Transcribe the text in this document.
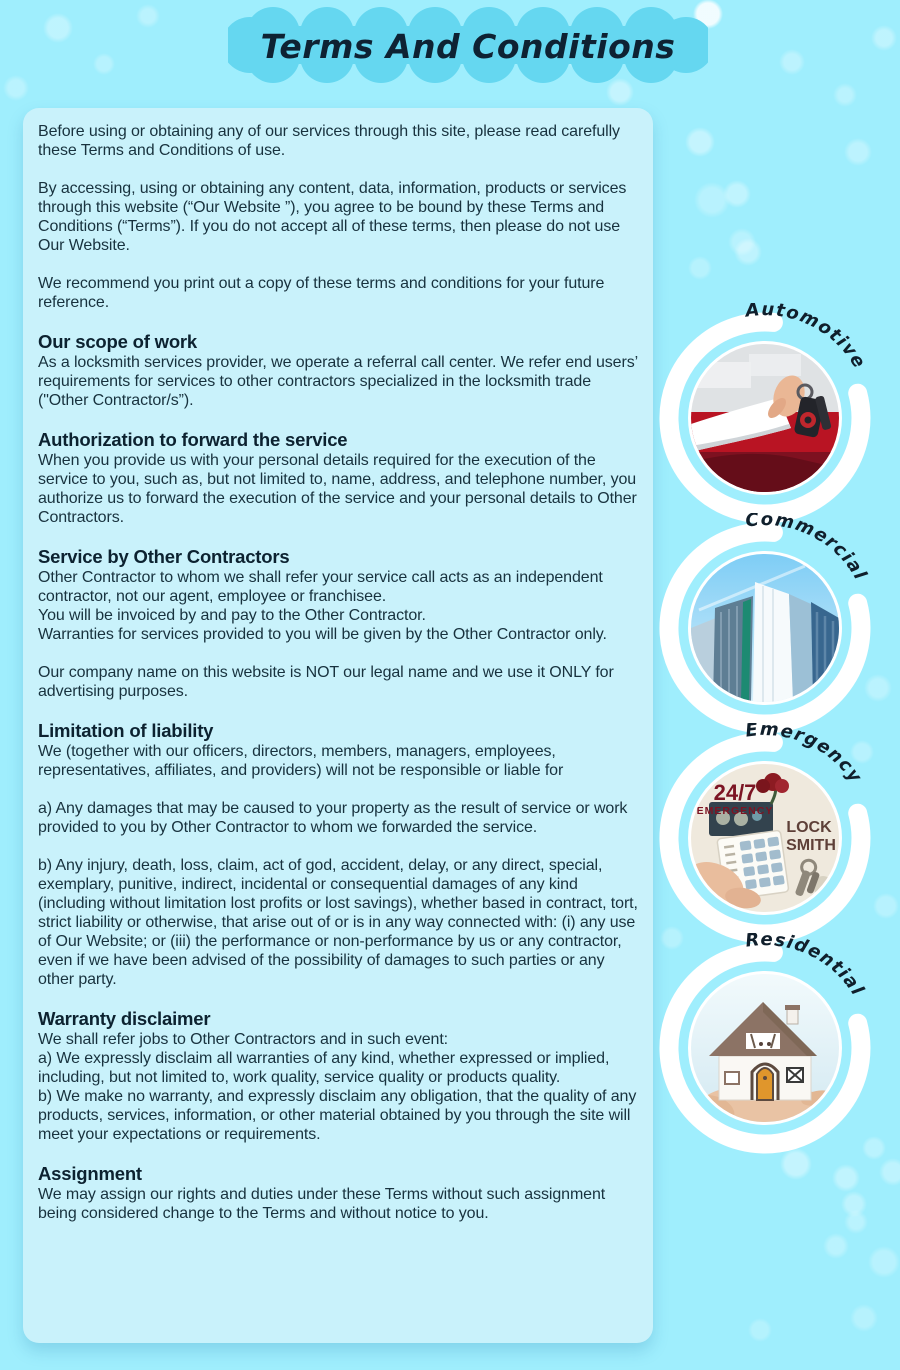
Terms And Conditions

Before using or obtaining any of our services through this site, please read carefully these Terms and Conditions of use.

By accessing, using or obtaining any content, data, information, products or services through this website (“Our Website ”), you agree to be bound by these Terms and Conditions (“Terms”). If you do not accept all of these terms, then please do not use Our Website.

We recommend you print out a copy of these terms and conditions for your future reference.

Our scope of work

As a locksmith services provider, we operate a referral call center. We refer end users’ requirements for services to other contractors specialized in the locksmith trade ("Other Contractor/s”).

Authorization to forward the service

When you provide us with your personal details required for the execution of the service to you, such as, but not limited to, name, address, and telephone number, you authorize us to forward the execution of the service and your personal details to Other Contractors.

Service by Other Contractors

Other Contractor to whom we shall refer your service call acts as an independent contractor, not our agent, employee or franchisee.

You will be invoiced by and pay to the Other Contractor.

Warranties for services provided to you will be given by the Other Contractor only.

Our company name on this website is NOT our legal name and we use it ONLY for advertising purposes.

Limitation of liability

We (together with our officers, directors, members, managers, employees, representatives, affiliates, and providers) will not be responsible or liable for

a) Any damages that may be caused to your property as the result of service or work provided to you by Other Contractor to whom we forwarded the service.

b) Any injury, death, loss, claim, act of god, accident, delay, or any direct, special, exemplary, punitive, indirect, incidental or consequential damages of any kind (including without limitation lost profits or lost savings), whether based in contract, tort, strict liability or otherwise, that arise out of or is in any way connected with: (i) any use of Our Website; or (iii) the performance or non-performance by us or any contractor, even if we have been advised of the possibility of damages to such parties or any other party.

Warranty disclaimer

We shall refer jobs to Other Contractors and in such event:

a) We expressly disclaim all warranties of any kind, whether expressed or implied, including, but not limited to, work quality, service quality or products quality.

b) We make no warranty, and expressly disclaim any obligation, that the quality of any products, services, information, or other material obtained by you through the site will meet your expectations or requirements.

Assignment

We may assign our rights and duties under these Terms without such assignment being considered change to the Terms and without notice to you.

Automotive
Commercial
Emergency
Residential
